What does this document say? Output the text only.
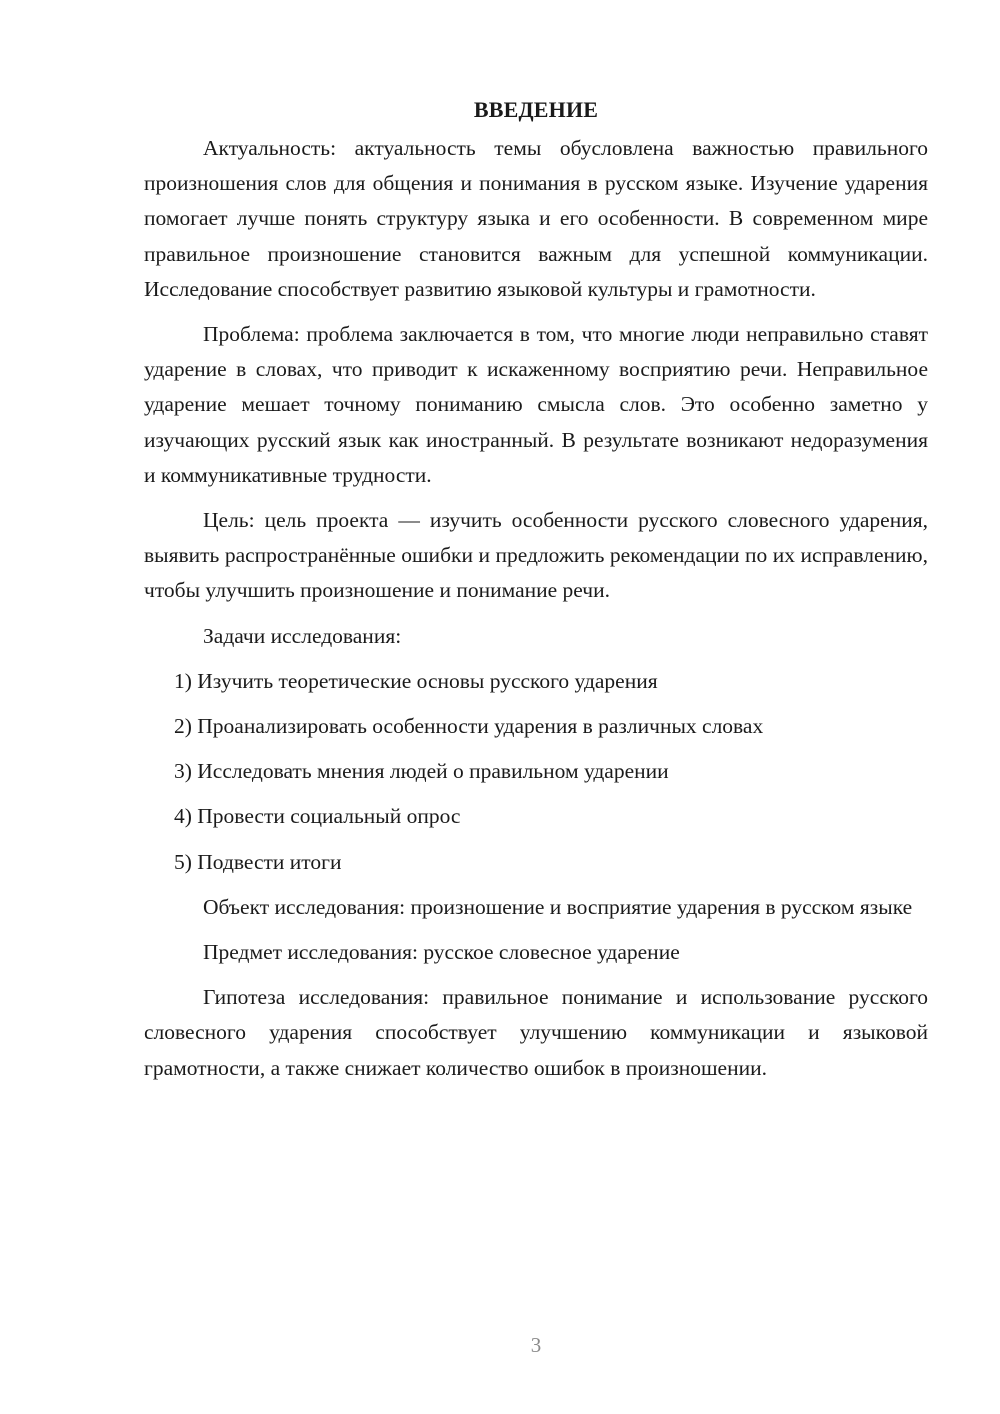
ВВЕДЕНИЕ

Актуальность: актуальность темы обусловлена важностью правильного произношения слов для общения и понимания в русском языке. Изучение ударения помогает лучше понять структуру языка и его особенности. В современном мире правильное произношение становится важным для успешной коммуникации. Исследование способствует развитию языковой культуры и грамотности.

Проблема: проблема заключается в том, что многие люди неправильно ставят ударение в словах, что приводит к искаженному восприятию речи. Неправильное ударение мешает точному пониманию смысла слов. Это особенно заметно у изучающих русский язык как иностранный. В результате возникают недоразумения и коммуникативные трудности.

Цель: цель проекта — изучить особенности русского словесного ударения, выявить распространённые ошибки и предложить рекомендации по их исправлению, чтобы улучшить произношение и понимание речи.

Задачи исследования:

1) Изучить теоретические основы русского ударения
2) Проанализировать особенности ударения в различных словах
3) Исследовать мнения людей о правильном ударении
4) Провести социальный опрос
5) Подвести итоги

Объект исследования: произношение и восприятие ударения в русском языке

Предмет исследования: русское словесное ударение

Гипотеза исследования: правильное понимание и использование русского словесного ударения способствует улучшению коммуникации и языковой грамотности, а также снижает количество ошибок в произношении.

3
